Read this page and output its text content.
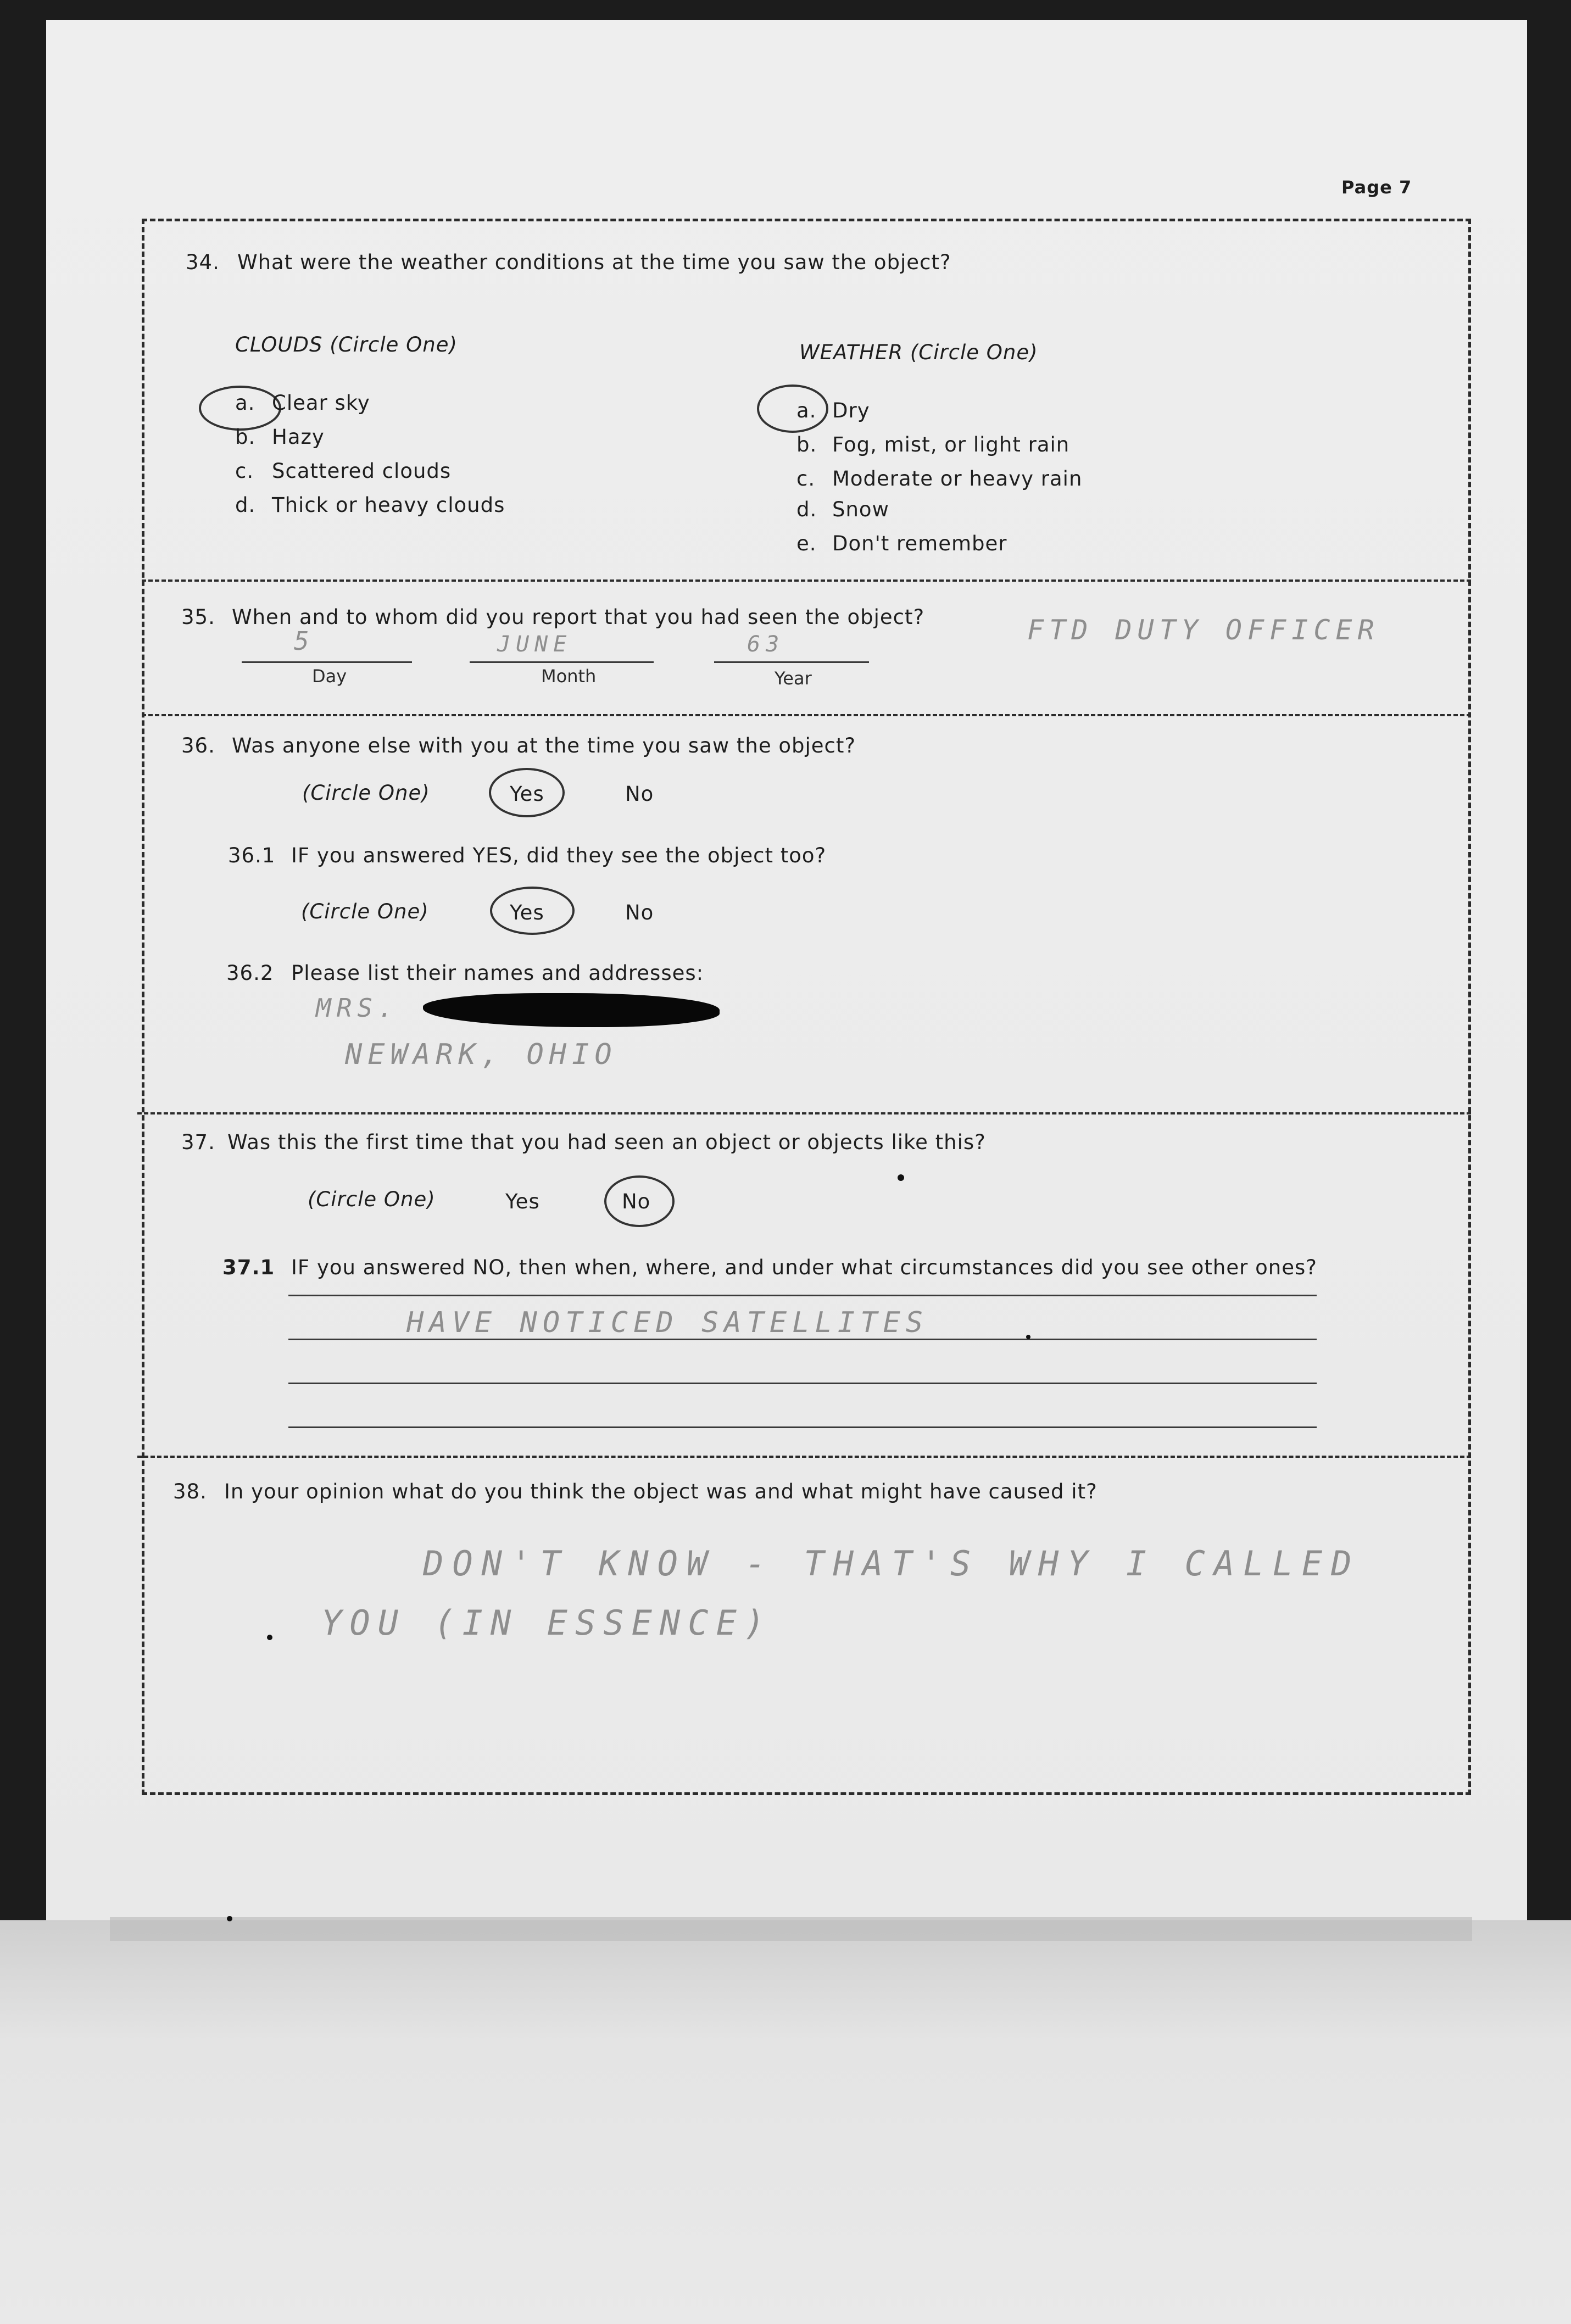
Page 7
34. What were the weather conditions at the time you saw the object?
CLOUDS (Circle One)
a. Clear sky
b. Hazy
c. Scattered clouds
d. Thick or heavy clouds
WEATHER (Circle One)
a. Dry
b. Fog, mist, or light rain
c. Moderate or heavy rain
d. Snow
e. Don't remember
35. When and to whom did you report that you had seen the object?
5
Day
JUNE
Month
63
Year
FTD DUTY OFFICER
36. Was anyone else with you at the time you saw the object?
(Circle One)	Yes	No
36.1 IF you answered YES, did they see the object too?
(Circle One)	Yes	No
36.2 Please list their names and addresses:
MRS.
NEWARK, OHIO
37. Was this the first time that you had seen an object or objects like this?
(Circle One)	Yes	No
37.1 IF you answered NO, then when, where, and under what circumstances did you see other ones?
HAVE NOTICED SATELLITES
38. In your opinion what do you think the object was and what might have caused it?
DON'T KNOW - THAT'S WHY I CALLED
YOU (IN ESSENCE)
